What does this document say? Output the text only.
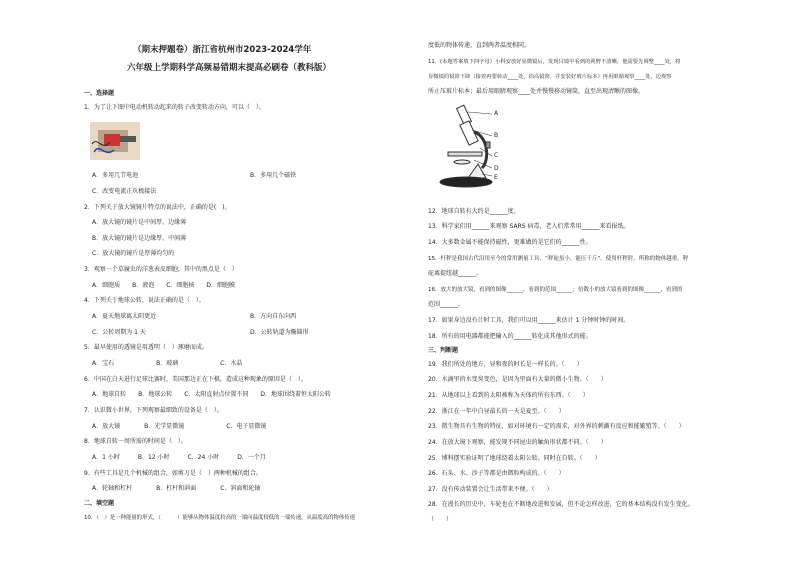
（期末押题卷）浙江省杭州市2023-2024学年
六年级上学期科学高频易错期末提高必刷卷（教科版）
一、选择题
1．为了让下图中电动机转动起来的转子改变转动方向，可以（　）。
A．多用几节电池	B．多用几个磁铁
C．改变电流正负极接法
2．下列关于放大镜镜片特点的说法中，正确的是(　)。
A．放大镜的镜片是中间厚、边缘薄
B．放大镜的镜片是边缘厚、中间薄
C．放大镜的镜片是厚薄均匀的
3．观察一个草履虫的洋葱表皮细胞，其中的黑点是（　）
A．细胞质　　B．液泡　　C．细胞核　　D．细胞膜
4．下列关于地球公转，说法正确的是（　）。
A．夏天地球离太阳更近	B．方向自东向西
C．公转周期为 1 天	D．公转轨道为椭圆形
5．最早使用的透镜是用透明（　）琢磨而成。
A．宝石　　　　　　　B．玻璃　　　　　　　C．水晶
6．中国在白天进行足球比赛时，美国那边正在下棋，造成这种现象的原因是（　）。
A．地球自转　　B．地球公转　　C．太阳直射点位置不同　　D．地球围绕着恒太阳公转
7．认识微小世界，下列观察最细致的设备是（　）。
A．放大镜　　　　B．光学显微镜　　　　　　　C．电子显微镜
8．地球自转一周所需的时间是（　）。
A．1 小时　　　B．12 小时　　　C．24 小时　　　D．一个月
9．有些工具是几个机械的组合，如剪刀是（　）两种机械的组合。
A．轮轴和杠杆　　　　B．杠杆和斜面　　　　C．斜面和轮轴
二、填空题
10．（　）是一种能量的形式，（　　　）能够从物体温度较高的一端向温度较低的一端传递，从温度高的物体传递
度低的物体传递，直到两者温度相同。
11．(本题答案填下四字母）小科安放好显微镜后，发现目镜中看到的视野不清晰，他需要先调整____处，将
显微镜的镜筒下降（接着再要转动____处，拾高镜筒，并安装好玻片标本）再用眼睛观察____处，边观察
所止压玻片标本；最后用眼睛观察____处并慢慢移动镜筒，直至出现清晰的图像。
A
B
C
D
E
12．地球自转有大约是______度。
13．科学家们用______来观察 SARS 病毒，老人们常常用______来看报纸。
14．大多数金属不能保持磁性，更难做的是它们的______性。
15．杆秤是我国古代沿用至今的常用测量工具，“秤砣虽小，能压千斤”。使用杆秤时，所称的物体越重，秤
砣离提纽越______。
16．放大的放大镜，看到的图像______，看到的范围______；倍数小的放大镜看到的图像______，看到的
范围______。
17．如果身边没有计时工具，我们可以用______来估计 1 分钟时钟的时间。
18．所有的用电器都能把输入的______转化成其他形式的能。
三、判断题
19．我们所处的地方，昼和夜的时长是一样长的。（　　）
20．水滴里的水变臭变色，是因为里面有大量的微小生物。（　　）
21．从地球以上看到的太阳被称为天体的所有东西。（　　）
22．浙江在一年中白昼最长的一天是夏至。（　　）
23．微生物具有生物的特征，如对环境有一定的需求，对外界的刺激有反应和能繁殖等。（　　）
24．在放大镜下观察，能发现不同昆虫的触角形状都不同。（　　）
25．博科摆实验证明了地球绕着太阳公转。同时在自转。（　　）
26．石头、水、沙子等都是由微粒构成的。（　　）
27．没有传动装置会让生活带来不便。（　　）
28．在漫长的历史中，车轮也在不断地改进和发展，但不论怎样改进，它的基本结构没有发生变化。
（　　）
